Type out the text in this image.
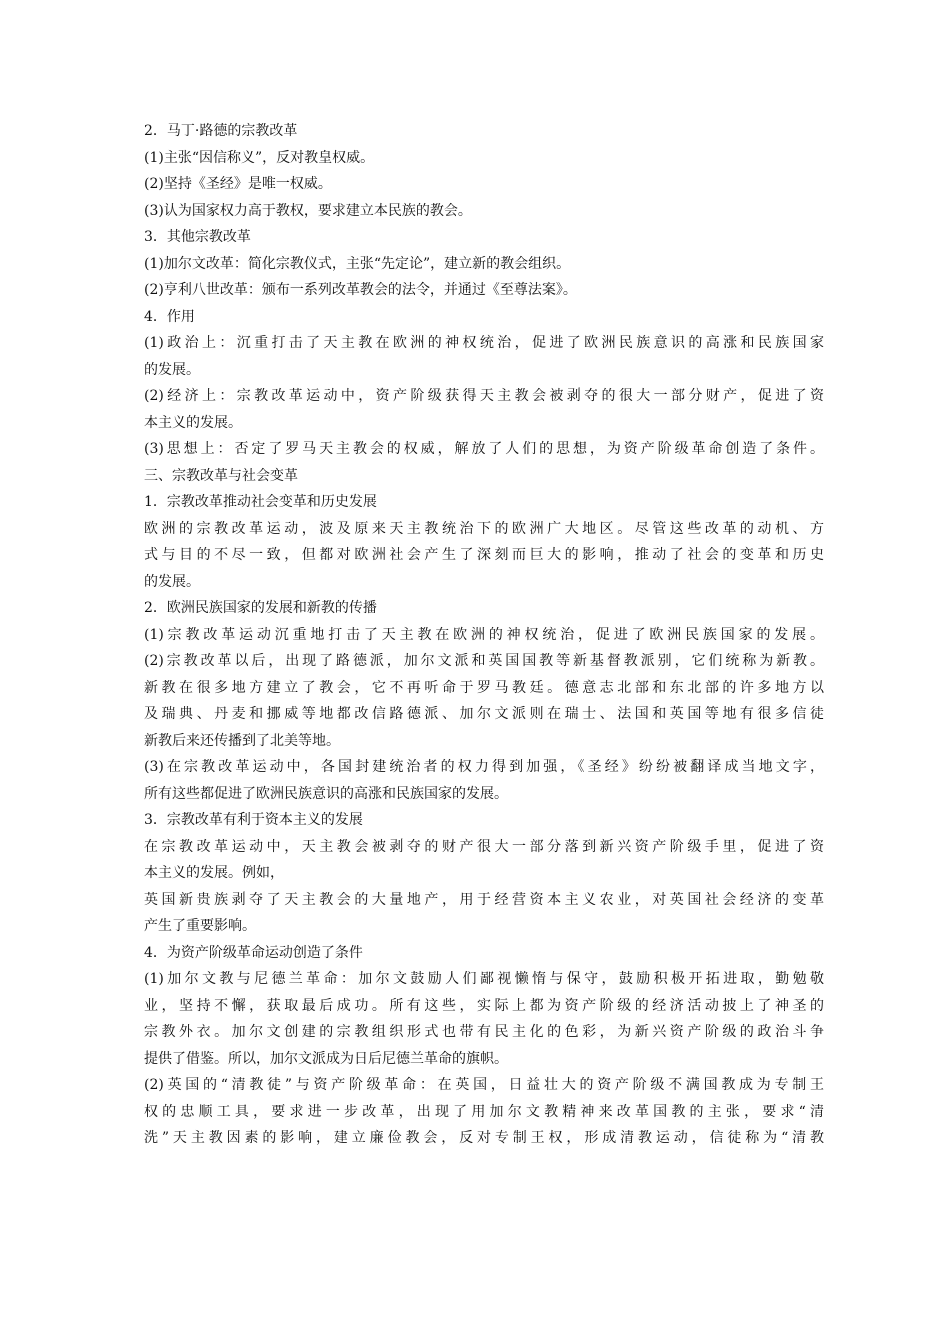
2．马丁·路德的宗教改革

(1)主张“因信称义”，反对教皇权威。

(2)坚持《圣经》是唯一权威。

(3)认为国家权力高于教权，要求建立本民族的教会。

3．其他宗教改革

(1)加尔文改革：简化宗教仪式，主张“先定论”，建立新的教会组织。

(2)亨利八世改革：颁布一系列改革教会的法令，并通过《至尊法案》。

4．作用

(1)政治上：沉重打击了天主教在欧洲的神权统治，促进了欧洲民族意识的高涨和民族国家

的发展。

(2)经济上：宗教改革运动中，资产阶级获得天主教会被剥夺的很大一部分财产，促进了资

本主义的发展。

(3)思想上：否定了罗马天主教会的权威，解放了人们的思想，为资产阶级革命创造了条件。

三、宗教改革与社会变革

1．宗教改革推动社会变革和历史发展

欧洲的宗教改革运动，波及原来天主教统治下的欧洲广大地区。尽管这些改革的动机、方

式与目的不尽一致，但都对欧洲社会产生了深刻而巨大的影响，推动了社会的变革和历史

的发展。

2．欧洲民族国家的发展和新教的传播

(1)宗教改革运动沉重地打击了天主教在欧洲的神权统治，促进了欧洲民族国家的发展。

(2)宗教改革以后，出现了路德派，加尔文派和英国国教等新基督教派别，它们统称为新教。

新教在很多地方建立了教会，它不再听命于罗马教廷。德意志北部和东北部的许多地方以

及瑞典、丹麦和挪威等地都改信路德派、加尔文派则在瑞士、法国和英国等地有很多信徒

新教后来还传播到了北美等地。

(3)在宗教改革运动中，各国封建统治者的权力得到加强，《圣经》纷纷被翻译成当地文字，

所有这些都促进了欧洲民族意识的高涨和民族国家的发展。

3．宗教改革有利于资本主义的发展

在宗教改革运动中，天主教会被剥夺的财产很大一部分落到新兴资产阶级手里，促进了资

本主义的发展。例如，

英国新贵族剥夺了天主教会的大量地产，用于经营资本主义农业，对英国社会经济的变革

产生了重要影响。

4．为资产阶级革命运动创造了条件

(1)加尔文教与尼德兰革命：加尔文鼓励人们鄙视懒惰与保守，鼓励积极开拓进取，勤勉敬

业，坚持不懈，获取最后成功。所有这些，实际上都为资产阶级的经济活动披上了神圣的

宗教外衣。加尔文创建的宗教组织形式也带有民主化的色彩，为新兴资产阶级的政治斗争

提供了借鉴。所以，加尔文派成为日后尼德兰革命的旗帜。

(2)英国的“清教徒”与资产阶级革命：在英国，日益壮大的资产阶级不满国教成为专制王

权的忠顺工具，要求进一步改革，出现了用加尔文教精神来改革国教的主张，要求“清

洗”天主教因素的影响，建立廉俭教会，反对专制王权，形成清教运动，信徒称为“清教
